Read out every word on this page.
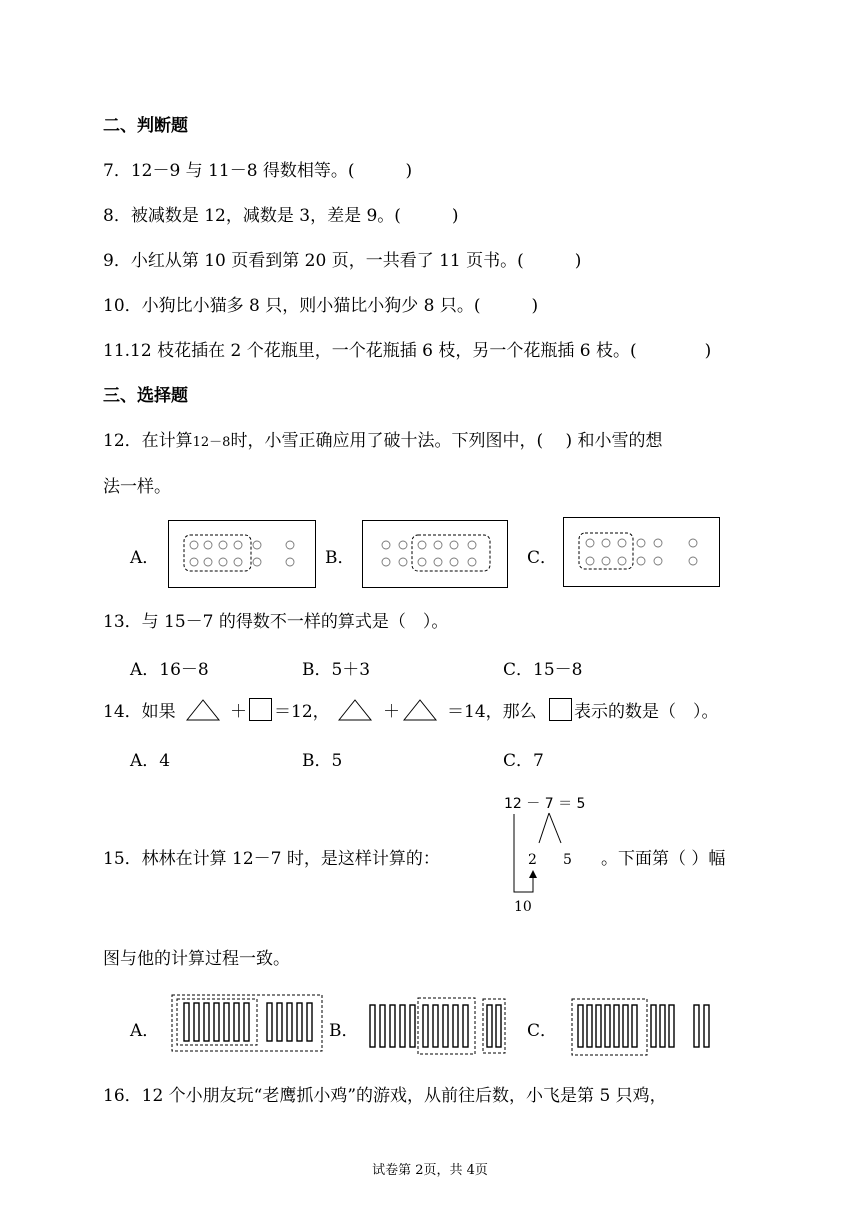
二、判断题
7．12－9 与 11－8 得数相等。(　　　)
8．被减数是 12，减数是 3，差是 9。(　　　)
9．小红从第 10 页看到第 20 页，一共看了 11 页书。(　　　)
10．小狗比小猫多 8 只，则小猫比小狗少 8 只。(　　　)
11.12 枝花插在 2 个花瓶里，一个花瓶插 6 枝，另一个花瓶插 6 枝。(　　　　)
三、选择题
12．在计算12－8时，小雪正确应用了破十法。下列图中，(　 ) 和小雪的想
法一样。
A．	B．	C．
13．与 15－7 的得数不一样的算式是（　）。
A．16－8	B．5＋3	C．15－8
14．如果	＋ ＝12，	＋	＝14，那么 表示的数是（　）。
A．4	B．5	C．7
15．林林在计算 12－7 时，是这样计算的：
12 － 7 ＝ 5
2 5
10
。下面第（ ）幅
图与他的计算过程一致。
A．	B．	C．
16．12 个小朋友玩“老鹰抓小鸡”的游戏，从前往后数，小飞是第 5 只鸡，
试卷第 2页，共 4页
